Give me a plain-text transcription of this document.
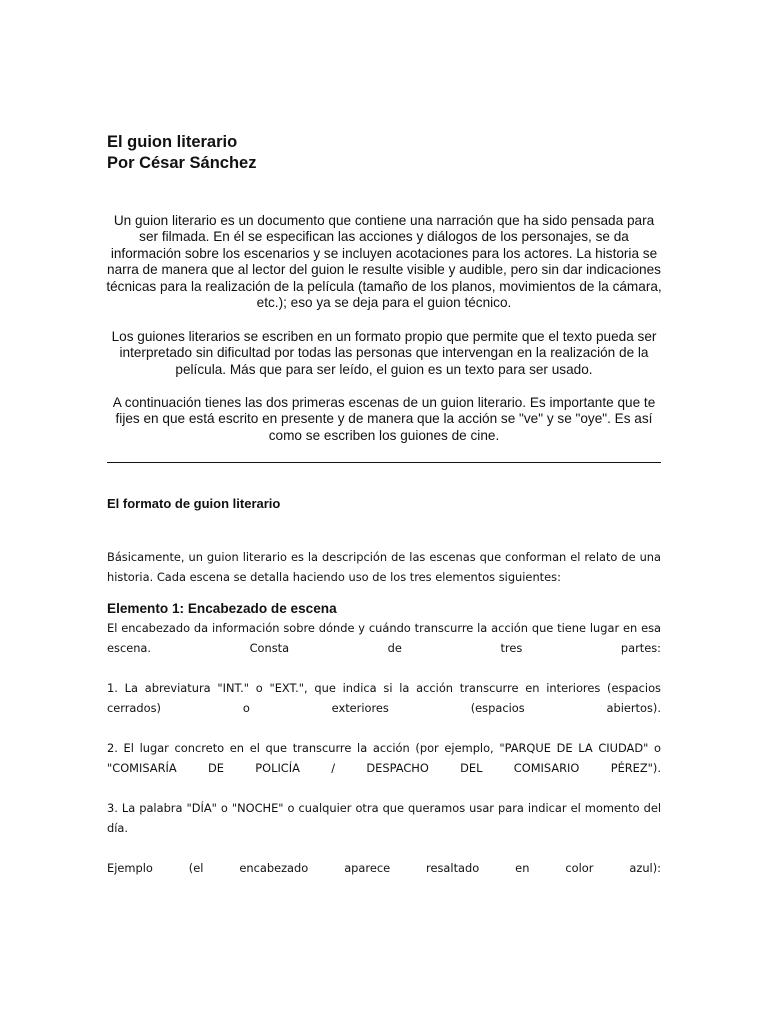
El guion literario
Por César Sánchez

Un guion literario es un documento que contiene una narración que ha sido pensada para ser filmada. En él se especifican las acciones y diálogos de los personajes, se da información sobre los escenarios y se incluyen acotaciones para los actores. La historia se narra de manera que al lector del guion le resulte visible y audible, pero sin dar indicaciones técnicas para la realización de la película (tamaño de los planos, movimientos de la cámara, etc.); eso ya se deja para el guion técnico.

Los guiones literarios se escriben en un formato propio que permite que el texto pueda ser interpretado sin dificultad por todas las personas que intervengan en la realización de la película. Más que para ser leído, el guion es un texto para ser usado.

A continuación tienes las dos primeras escenas de un guion literario. Es importante que te fijes en que está escrito en presente y de manera que la acción se "ve" y se "oye". Es así como se escriben los guiones de cine.

El formato de guion literario

Básicamente, un guion literario es la descripción de las escenas que conforman el relato de una historia. Cada escena se detalla haciendo uso de los tres elementos siguientes:

Elemento 1: Encabezado de escena

El encabezado da información sobre dónde y cuándo transcurre la acción que tiene lugar en esa escena. Consta de tres partes:

1. La abreviatura "INT." o "EXT.", que indica si la acción transcurre en interiores (espacios cerrados) o exteriores (espacios abiertos).

2. El lugar concreto en el que transcurre la acción (por ejemplo, "PARQUE DE LA CIUDAD" o "COMISARÍA DE POLICÍA / DESPACHO DEL COMISARIO PÉREZ").

3. La palabra "DÍA" o "NOCHE" o cualquier otra que queramos usar para indicar el momento del día.

Ejemplo (el encabezado aparece resaltado en color azul):
